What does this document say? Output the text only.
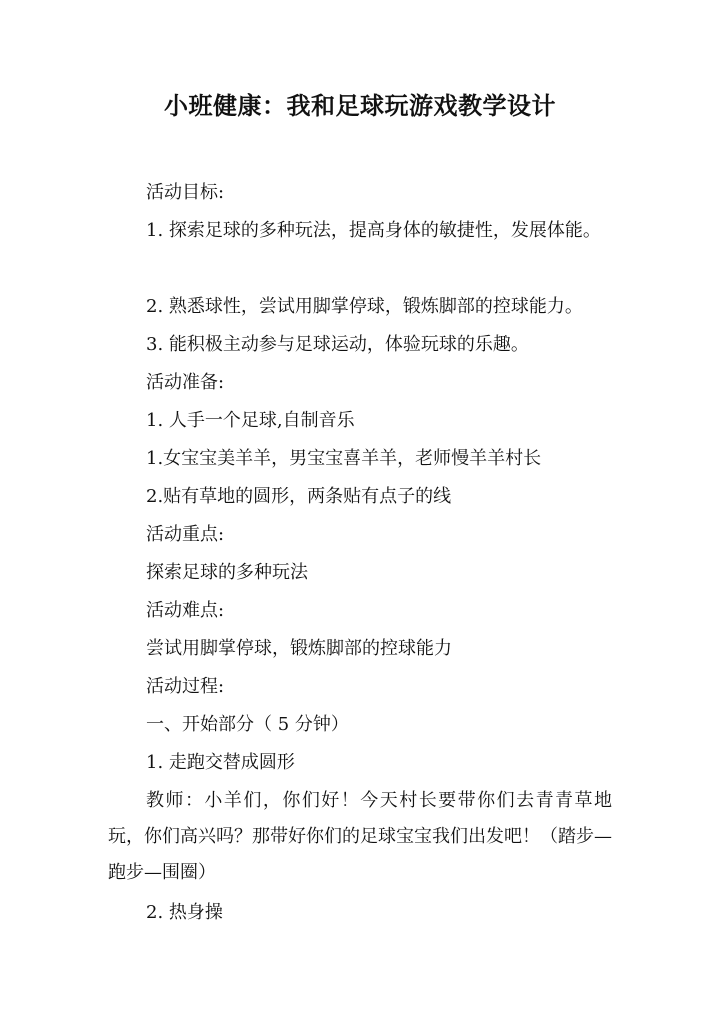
小班健康：我和足球玩游戏教学设计
活动目标:
1. 探索足球的多种玩法，提高身体的敏捷性，发展体能。
2. 熟悉球性，尝试用脚掌停球，锻炼脚部的控球能力。
3. 能积极主动参与足球运动，体验玩球的乐趣。
活动准备:
1. 人手一个足球,自制音乐
1.女宝宝美羊羊，男宝宝喜羊羊，老师慢羊羊村长
2.贴有草地的圆形，两条贴有点子的线
活动重点:
探索足球的多种玩法
活动难点:
尝试用脚掌停球，锻炼脚部的控球能力
活动过程:
一、开始部分（ 5 分钟）
1. 走跑交替成圆形
教师：小羊们，你们好！今天村长要带你们去青青草地玩，你们高兴吗？那带好你们的足球宝宝我们出发吧！（踏步—跑步—围圈）
2. 热身操
